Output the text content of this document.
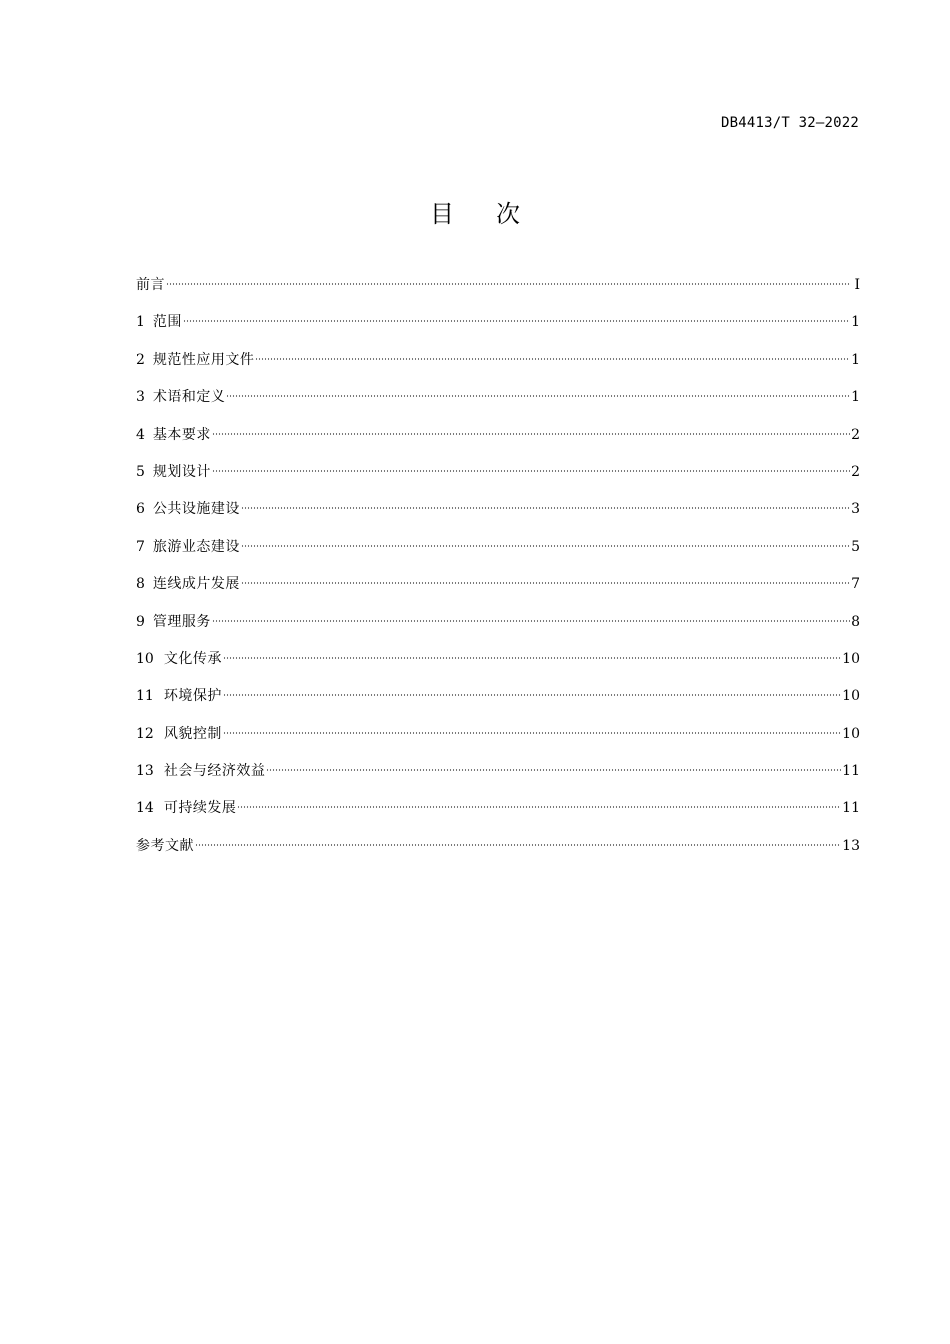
DB4413/T 32—2022
目次
前言	I
1 范围	1
2 规范性应用文件	1
3 术语和定义	1
4 基本要求	2
5 规划设计	2
6 公共设施建设	3
7 旅游业态建设	5
8 连线成片发展	7
9 管理服务	8
10 文化传承	10
11 环境保护	10
12 风貌控制	10
13 社会与经济效益	11
14 可持续发展	11
参考文献	13
